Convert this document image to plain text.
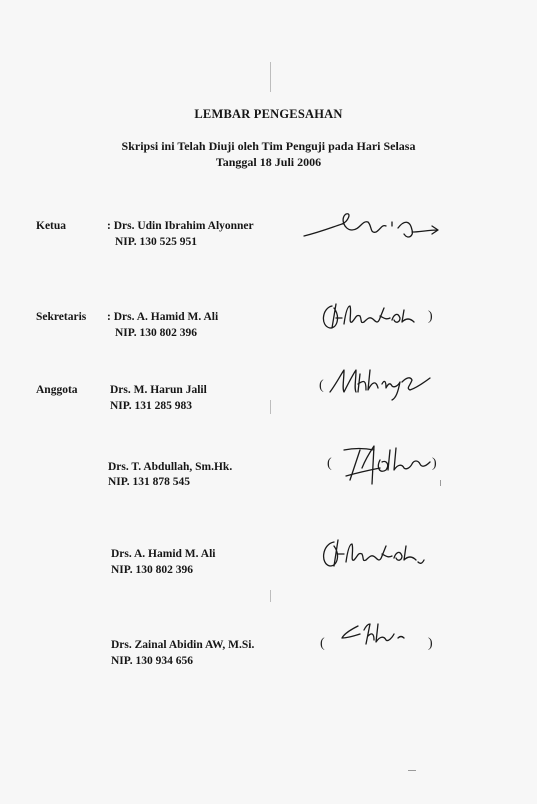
LEMBAR PENGESAHAN
Skripsi ini Telah Diuji oleh Tim Penguji pada Hari Selasa
Tanggal 18 Juli 2006
Ketua	: Drs. Udin Ibrahim Alyonner
NIP. 130 525 951
Sekretaris : Drs. A. Hamid M. Ali
NIP. 130 802 396
)
Anggota	Drs. M. Harun Jalil
NIP. 131 285 983
(
Drs. T. Abdullah, Sm.Hk.
NIP. 131 878 545
(	)
Drs. A. Hamid M. Ali
NIP. 130 802 396
Drs. Zainal Abidin AW, M.Si.
NIP. 130 934 656
(	)
